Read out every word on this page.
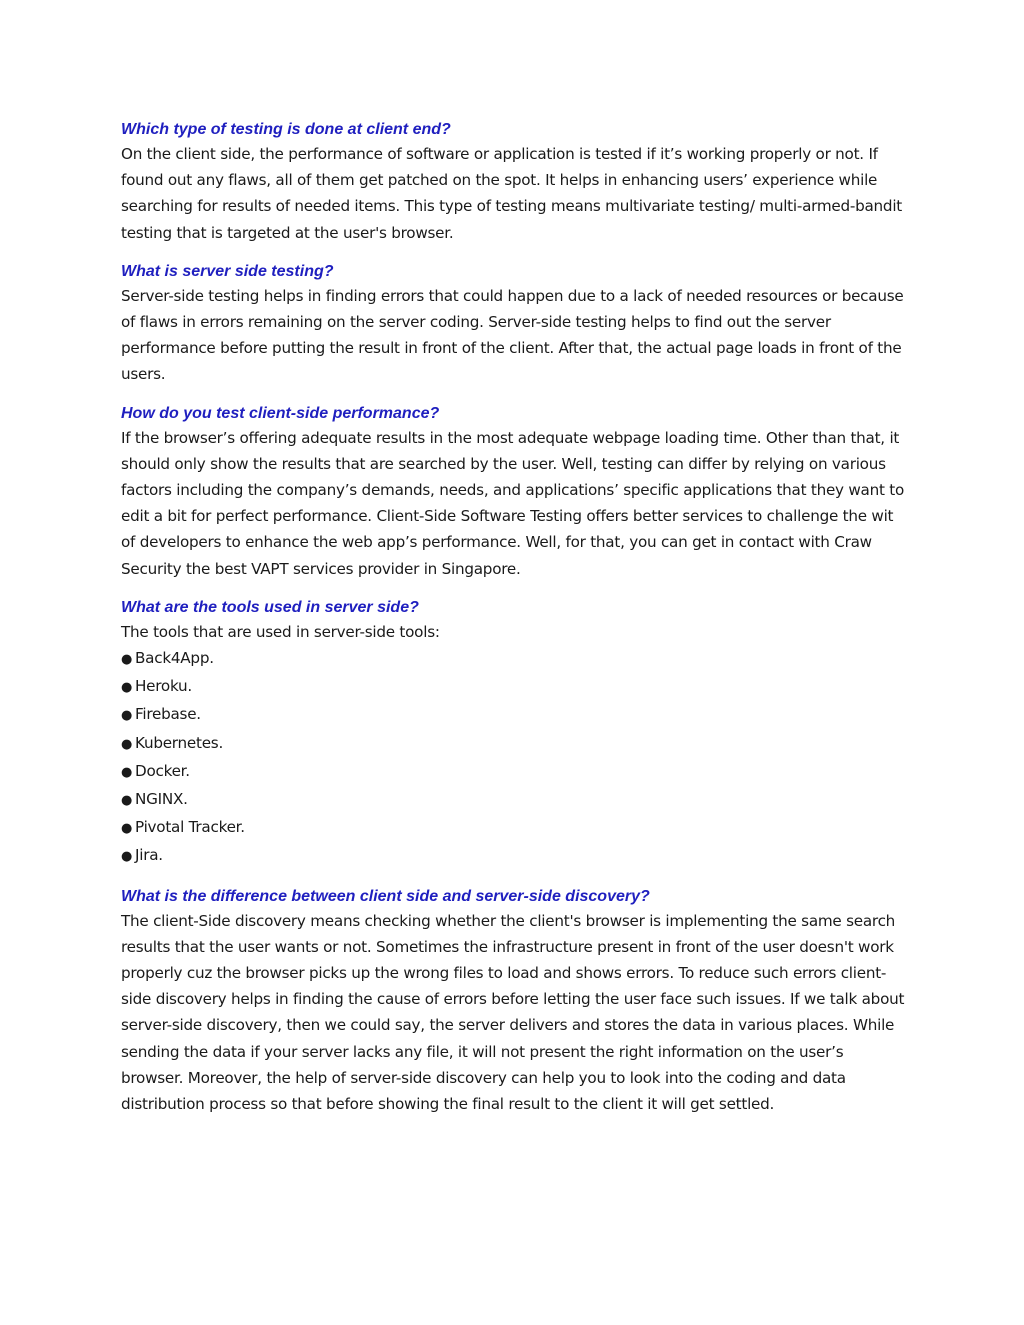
Which type of testing is done at client end?

On the client side, the performance of software or application is tested if it’s working properly or not. If found out any flaws, all of them get patched on the spot. It helps in enhancing users’ experience while searching for results of needed items. This type of testing means multivariate testing/ multi-armed-bandit testing that is targeted at the user's browser.

What is server side testing?

Server-side testing helps in finding errors that could happen due to a lack of needed resources or because of flaws in errors remaining on the server coding. Server-side testing helps to find out the server performance before putting the result in front of the client. After that, the actual page loads in front of the users.

How do you test client-side performance?

If the browser’s offering adequate results in the most adequate webpage loading time. Other than that, it should only show the results that are searched by the user. Well, testing can differ by relying on various factors including the company’s demands, needs, and applications’ specific applications that they want to edit a bit for perfect performance. Client-Side Software Testing offers better services to challenge the wit of developers to enhance the web app’s performance. Well, for that, you can get in contact with Craw Security the best VAPT services provider in Singapore.

What are the tools used in server side?

The tools that are used in server-side tools:

● Back4App.
● Heroku.
● Firebase.
● Kubernetes.
● Docker.
● NGINX.
● Pivotal Tracker.
● Jira.

What is the difference between client side and server-side discovery?

The client-Side discovery means checking whether the client's browser is implementing the same search results that the user wants or not. Sometimes the infrastructure present in front of the user doesn't work properly cuz the browser picks up the wrong files to load and shows errors. To reduce such errors client-side discovery helps in finding the cause of errors before letting the user face such issues. If we talk about server-side discovery, then we could say, the server delivers and stores the data in various places. While sending the data if your server lacks any file, it will not present the right information on the user’s browser. Moreover, the help of server-side discovery can help you to look into the coding and data distribution process so that before showing the final result to the client it will get settled.
